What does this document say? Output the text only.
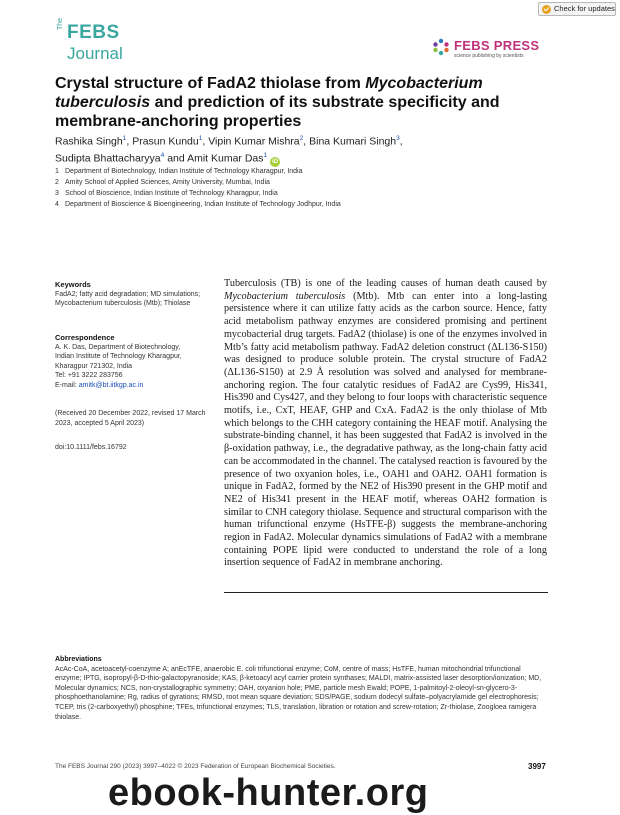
Check for updates
The FEBS
Journal	FEBS PRESS
science publishing by scientists
Crystal structure of FadA2 thiolase from Mycobacterium tuberculosis and prediction of its substrate specificity and membrane-anchoring properties
Rashika Singh$^1$, Prasun Kundu$^1$, Vipin Kumar Mishra$^2$, Bina Kumari Singh$^3$,
Sudipta Bhattacharyya$^4$ and Amit Kumar Das$^1$iD
1 Department of Biotechnology, Indian Institute of Technology Kharagpur, India
2 Amity School of Applied Sciences, Amity University, Mumbai, India
3 School of Bioscience, Indian Institute of Technology Kharagpur, India
4 Department of Bioscience & Bioengineering, Indian Institute of Technology Jodhpur, India
Keywords
FadA2; fatty acid degradation; MD simulations; Mycobacterium tuberculosis (Mtb); Thiolase
Correspondence
A. K. Das, Department of Biotechnology,
Indian Institute of Technology Kharagpur,
Kharagpur 721302, India
Tel: +91 3222 283756
E-mail: amitk@bt.iitkgp.ac.in
(Received 20 December 2022, revised 17 March 2023, accepted 5 April 2023)
doi:10.1111/febs.16792
Tuberculosis (TB) is one of the leading causes of human death caused by Mycobacterium tuberculosis (Mtb). Mtb can enter into a long-lasting persistence where it can utilize fatty acids as the carbon source. Hence, fatty acid metabolism pathway enzymes are considered promising and pertinent mycobacterial drug targets. FadA2 (thiolase) is one of the enzymes involved in Mtb’s fatty acid metabolism pathway. FadA2 deletion construct (ΔL136-S150) was designed to produce soluble protein. The crystal structure of FadA2 (ΔL136-S150) at 2.9 Å resolution was solved and analysed for membrane-anchoring region. The four catalytic residues of FadA2 are Cys99, His341, His390 and Cys427, and they belong to four loops with characteristic sequence motifs, i.e., CxT, HEAF, GHP and CxA. FadA2 is the only thiolase of Mtb which belongs to the CHH category containing the HEAF motif. Analysing the substrate-binding channel, it has been suggested that FadA2 is involved in the β-oxidation pathway, i.e., the degradative pathway, as the long-chain fatty acid can be accommodated in the channel. The catalysed reaction is favoured by the presence of two oxyanion holes, i.e., OAH1 and OAH2. OAH1 formation is unique in FadA2, formed by the NE2 of His390 present in the GHP motif and NE2 of His341 present in the HEAF motif, whereas OAH2 formation is similar to CNH category thiolase. Sequence and structural comparison with the human trifunctional enzyme (HsTFE-β) suggests the membrane-anchoring region in FadA2. Molecular dynamics simulations of FadA2 with a membrane containing POPE lipid were conducted to understand the role of a long insertion sequence of FadA2 in membrane anchoring.
Abbreviations
AcAc-CoA, acetoacetyl-coenzyme A; anEcTFE, anaerobic E. coli trifunctional enzyme; CoM, centre of mass; HsTFE, human mitochondrial trifunctional enzyme; IPTG, isopropyl-β-D-thio-galactopyranoside; KAS, β-ketoacyl acyl carrier protein synthases; MALDI, matrix-assisted laser desorption/ionization; MD, Molecular dynamics; NCS, non-crystallographic symmetry; OAH, oxyanion hole; PME, particle mesh Ewald; POPE, 1-palmitoyl-2-oleoyl-sn-glycero-3-phosphoethanolamine; Rg, radius of gyrations; RMSD, root mean square deviation; SDS/PAGE, sodium dodecyl sulfate–polyacrylamide gel electrophoresis; TCEP, tris (2-carboxyethyl) phosphine; TFEs, trifunctional enzymes; TLS, translation, libration or rotation and screw-rotation; Zr-thiolase, Zoogloea ramigera thiolase.
The FEBS Journal 290 (2023) 3997–4022 © 2023 Federation of European Biochemical Societies.	3997
ebook-hunter.org
